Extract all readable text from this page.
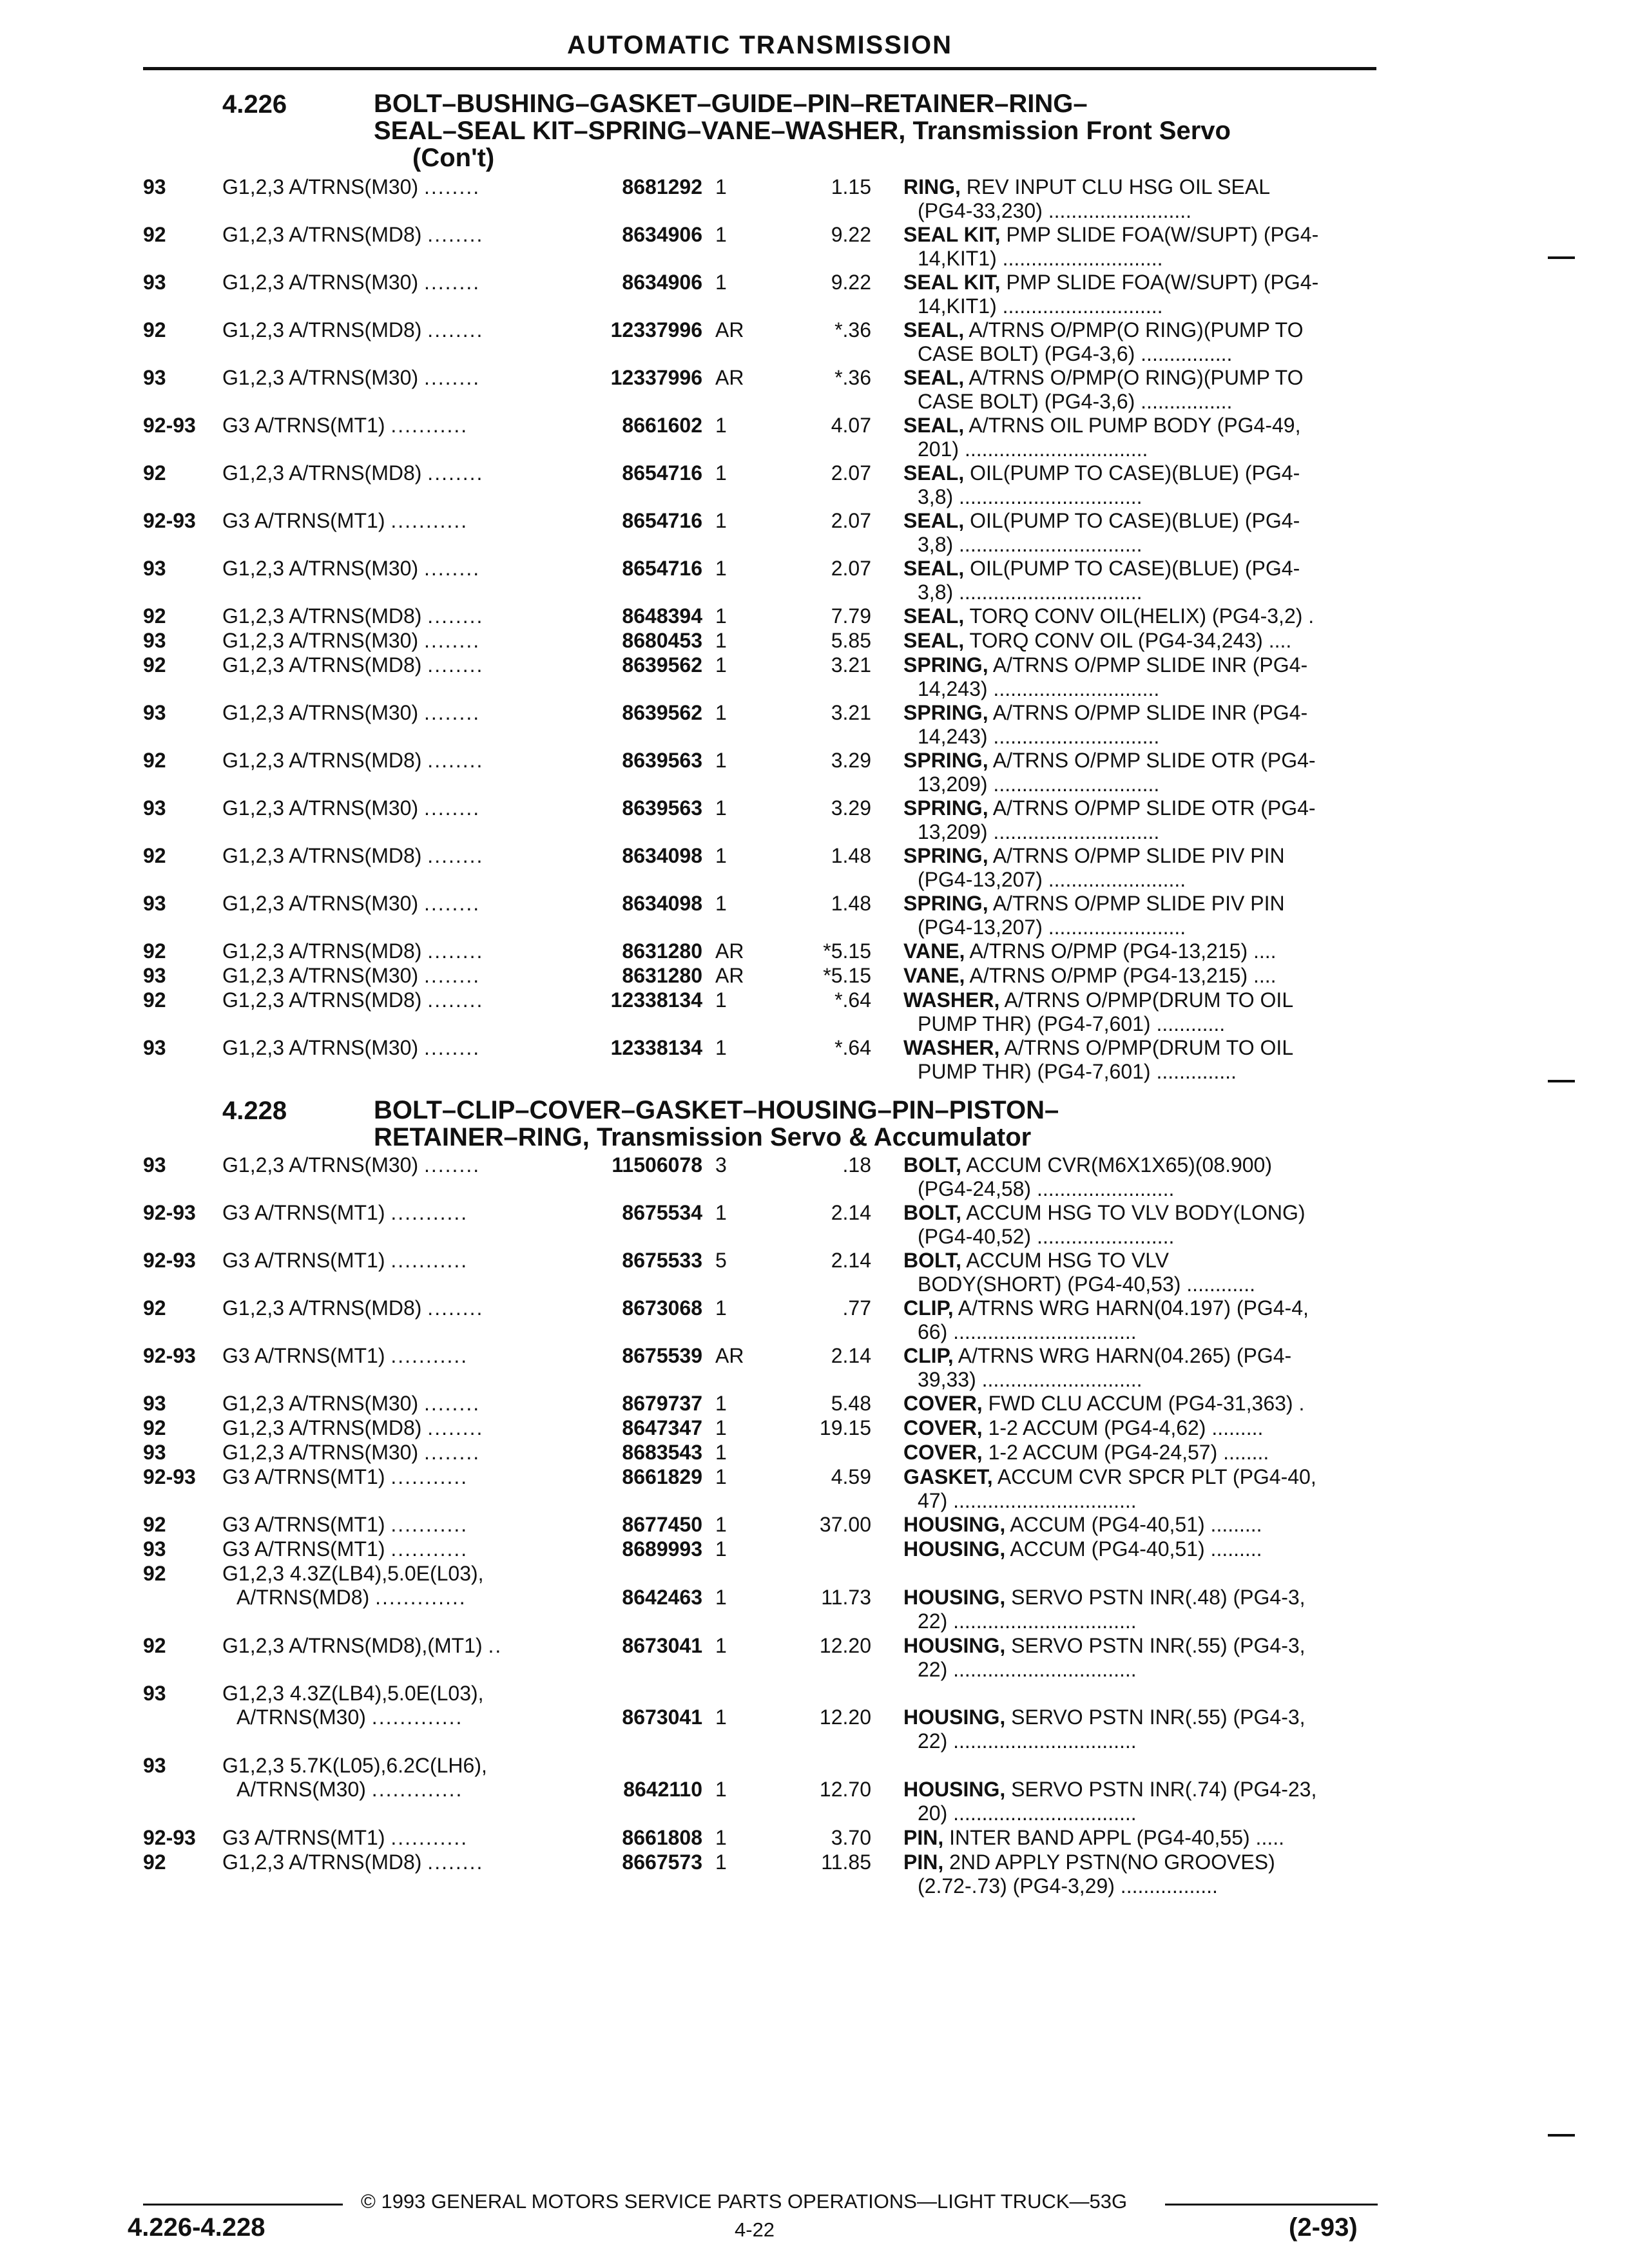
AUTOMATIC TRANSMISSION
4.226	BOLT–BUSHING–GASKET–GUIDE–PIN–RETAINER–RING–
SEAL–SEAL KIT–SPRING–VANE–WASHER, Transmission Front Servo
(Con't)
93	G1,2,3 A/TRNS(M30) ........	8681292 1	1.15 RING, REV INPUT CLU HSG OIL SEAL
(PG4-33,230) .........................
92	G1,2,3 A/TRNS(MD8) ........	8634906 1	9.22 SEAL KIT, PMP SLIDE FOA(W/SUPT) (PG4-
14,KIT1) ............................
93	G1,2,3 A/TRNS(M30) ........	8634906 1	9.22 SEAL KIT, PMP SLIDE FOA(W/SUPT) (PG4-
14,KIT1) ............................
92	G1,2,3 A/TRNS(MD8) ........	12337996 AR	*.36 SEAL, A/TRNS O/PMP(O RING)(PUMP TO
CASE BOLT) (PG4-3,6) ................
93	G1,2,3 A/TRNS(M30) ........	12337996 AR	*.36 SEAL, A/TRNS O/PMP(O RING)(PUMP TO
CASE BOLT) (PG4-3,6) ................
92-93 G3 A/TRNS(MT1) ...........	8661602 1	4.07 SEAL, A/TRNS OIL PUMP BODY (PG4-49,
201) ................................
92	G1,2,3 A/TRNS(MD8) ........	8654716 1	2.07 SEAL, OIL(PUMP TO CASE)(BLUE) (PG4-
3,8) ................................
92-93 G3 A/TRNS(MT1) ...........	8654716 1	2.07 SEAL, OIL(PUMP TO CASE)(BLUE) (PG4-
3,8) ................................
93	G1,2,3 A/TRNS(M30) ........	8654716 1	2.07 SEAL, OIL(PUMP TO CASE)(BLUE) (PG4-
3,8) ................................
92	G1,2,3 A/TRNS(MD8) ........	8648394 1	7.79 SEAL, TORQ CONV OIL(HELIX) (PG4-3,2) .
93	G1,2,3 A/TRNS(M30) ........	8680453 1	5.85 SEAL, TORQ CONV OIL (PG4-34,243) ....
92	G1,2,3 A/TRNS(MD8) ........	8639562 1	3.21 SPRING, A/TRNS O/PMP SLIDE INR (PG4-
14,243) .............................
93	G1,2,3 A/TRNS(M30) ........	8639562 1	3.21 SPRING, A/TRNS O/PMP SLIDE INR (PG4-
14,243) .............................
92	G1,2,3 A/TRNS(MD8) ........	8639563 1	3.29 SPRING, A/TRNS O/PMP SLIDE OTR (PG4-
13,209) .............................
93	G1,2,3 A/TRNS(M30) ........	8639563 1	3.29 SPRING, A/TRNS O/PMP SLIDE OTR (PG4-
13,209) .............................
92	G1,2,3 A/TRNS(MD8) ........	8634098 1	1.48 SPRING, A/TRNS O/PMP SLIDE PIV PIN
(PG4-13,207) ........................
93	G1,2,3 A/TRNS(M30) ........	8634098 1	1.48 SPRING, A/TRNS O/PMP SLIDE PIV PIN
(PG4-13,207) ........................
92	G1,2,3 A/TRNS(MD8) ........	8631280 AR	*5.15 VANE, A/TRNS O/PMP (PG4-13,215) ....
93	G1,2,3 A/TRNS(M30) ........	8631280 AR	*5.15 VANE, A/TRNS O/PMP (PG4-13,215) ....
92	G1,2,3 A/TRNS(MD8) ........	12338134 1	*.64 WASHER, A/TRNS O/PMP(DRUM TO OIL
PUMP THR) (PG4-7,601) ............
93	G1,2,3 A/TRNS(M30) ........	12338134 1	*.64 WASHER, A/TRNS O/PMP(DRUM TO OIL
PUMP THR) (PG4-7,601) ..............
4.228	BOLT–CLIP–COVER–GASKET–HOUSING–PIN–PISTON–
RETAINER–RING, Transmission Servo & Accumulator
93	G1,2,3 A/TRNS(M30) ........	11506078 3	.18 BOLT, ACCUM CVR(M6X1X65)(08.900)
(PG4-24,58) ........................
92-93 G3 A/TRNS(MT1) ...........	8675534 1	2.14 BOLT, ACCUM HSG TO VLV BODY(LONG)
(PG4-40,52) ........................
92-93 G3 A/TRNS(MT1) ...........	8675533 5	2.14 BOLT, ACCUM HSG TO VLV
BODY(SHORT) (PG4-40,53) ............
92	G1,2,3 A/TRNS(MD8) ........	8673068 1	.77 CLIP, A/TRNS WRG HARN(04.197) (PG4-4,
66) ................................
92-93 G3 A/TRNS(MT1) ...........	8675539 AR	2.14 CLIP, A/TRNS WRG HARN(04.265) (PG4-
39,33) ............................
93	G1,2,3 A/TRNS(M30) ........	8679737 1	5.48 COVER, FWD CLU ACCUM (PG4-31,363) .
92	G1,2,3 A/TRNS(MD8) ........	8647347 1	19.15 COVER, 1-2 ACCUM (PG4-4,62) .........
93	G1,2,3 A/TRNS(M30) ........	8683543 1	COVER, 1-2 ACCUM (PG4-24,57) ........
92-93 G3 A/TRNS(MT1) ...........	8661829 1	4.59 GASKET, ACCUM CVR SPCR PLT (PG4-40,
47) ................................
92	G3 A/TRNS(MT1) ...........	8677450 1	37.00 HOUSING, ACCUM (PG4-40,51) .........
93	G3 A/TRNS(MT1) ...........	8689993 1	HOUSING, ACCUM (PG4-40,51) .........
92	G1,2,3 4.3Z(LB4),5.0E(L03),
A/TRNS(MD8) .............	8642463 1	11.73 HOUSING, SERVO PSTN INR(.48) (PG4-3,
22) ................................
92	G1,2,3 A/TRNS(MD8),(MT1) ..	8673041 1	12.20 HOUSING, SERVO PSTN INR(.55) (PG4-3,
22) ................................
93	G1,2,3 4.3Z(LB4),5.0E(L03),
A/TRNS(M30) .............	8673041 1	12.20 HOUSING, SERVO PSTN INR(.55) (PG4-3,
22) ................................
93	G1,2,3 5.7K(L05),6.2C(LH6),
A/TRNS(M30) .............	8642110 1	12.70 HOUSING, SERVO PSTN INR(.74) (PG4-23,
20) ................................
92-93 G3 A/TRNS(MT1) ...........	8661808 1	3.70 PIN, INTER BAND APPL (PG4-40,55) .....
92	G1,2,3 A/TRNS(MD8) ........	8667573 1	11.85 PIN, 2ND APPLY PSTN(NO GROOVES)
(2.72-.73) (PG4-3,29) .................
© 1993 GENERAL MOTORS SERVICE PARTS OPERATIONS—LIGHT TRUCK—53G
4.226-4.228	4-22	(2-93)
